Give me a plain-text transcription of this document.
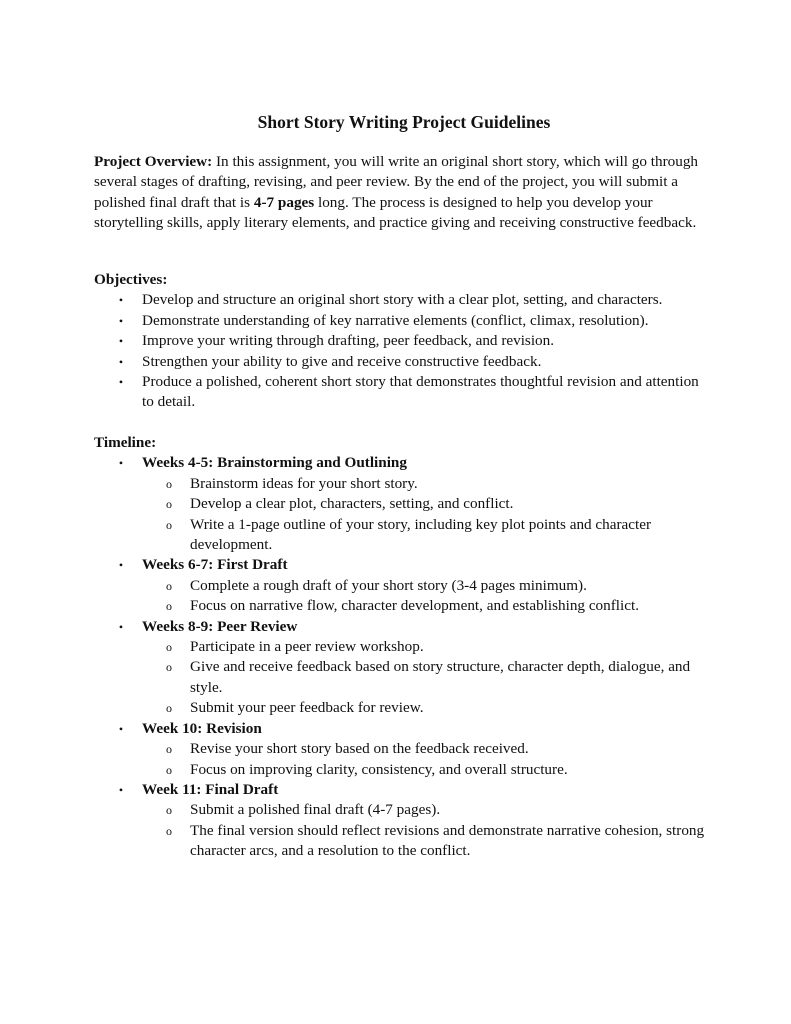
Short Story Writing Project Guidelines

Project Overview: In this assignment, you will write an original short story, which will go through several stages of drafting, revising, and peer review. By the end of the project, you will submit a polished final draft that is 4-7 pages long. The process is designed to help you develop your storytelling skills, apply literary elements, and practice giving and receiving constructive feedback.

Objectives:

• Develop and structure an original short story with a clear plot, setting, and characters.
• Demonstrate understanding of key narrative elements (conflict, climax, resolution).
• Improve your writing through drafting, peer feedback, and revision.
• Strengthen your ability to give and receive constructive feedback.
• Produce a polished, coherent short story that demonstrates thoughtful revision and attention to detail.

Timeline:

• Weeks 4-5: Brainstorming and Outlining
o Brainstorm ideas for your short story.
o Develop a clear plot, characters, setting, and conflict.
o Write a 1-page outline of your story, including key plot points and character development.
• Weeks 6-7: First Draft
o Complete a rough draft of your short story (3-4 pages minimum).
o Focus on narrative flow, character development, and establishing conflict.
• Weeks 8-9: Peer Review
o Participate in a peer review workshop.
o Give and receive feedback based on story structure, character depth, dialogue, and style.
o Submit your peer feedback for review.
• Week 10: Revision
o Revise your short story based on the feedback received.
o Focus on improving clarity, consistency, and overall structure.
• Week 11: Final Draft
o Submit a polished final draft (4-7 pages).
o The final version should reflect revisions and demonstrate narrative cohesion, strong character arcs, and a resolution to the conflict.
